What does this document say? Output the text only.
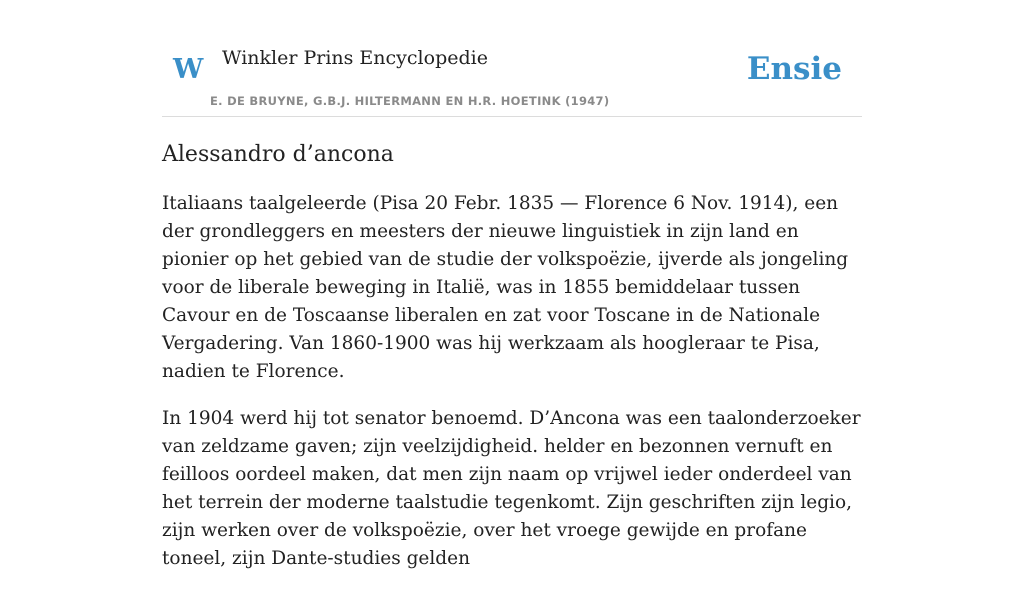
W Winkler Prins Encyclopedie
E. DE BRUYNE, G.B.J. HILTERMANN EN H.R. HOETINK (1947)
Ensie
Alessandro d’ancona

Italiaans taalgeleerde (Pisa 20 Febr. 1835 — Florence 6 Nov. 1914), een der grondleggers en meesters der nieuwe linguistiek in zijn land en pionier op het gebied van de studie der volkspoëzie, ijverde als jongeling voor de liberale beweging in Italië, was in 1855 bemiddelaar tussen Cavour en de Toscaanse liberalen en zat voor Toscane in de Nationale Vergadering. Van 1860-1900 was hij werkzaam als hoogleraar te Pisa, nadien te Florence.

In 1904 werd hij tot senator benoemd. D’Ancona was een taalonderzoeker van zeldzame gaven; zijn veelzijdigheid. helder en bezonnen vernuft en feilloos oordeel maken, dat men zijn naam op vrijwel ieder onderdeel van het terrein der moderne taalstudie tegenkomt. Zijn geschriften zijn legio, zijn werken over de volkspoëzie, over het vroege gewijde en profane toneel, zijn Dante-studies gelden
